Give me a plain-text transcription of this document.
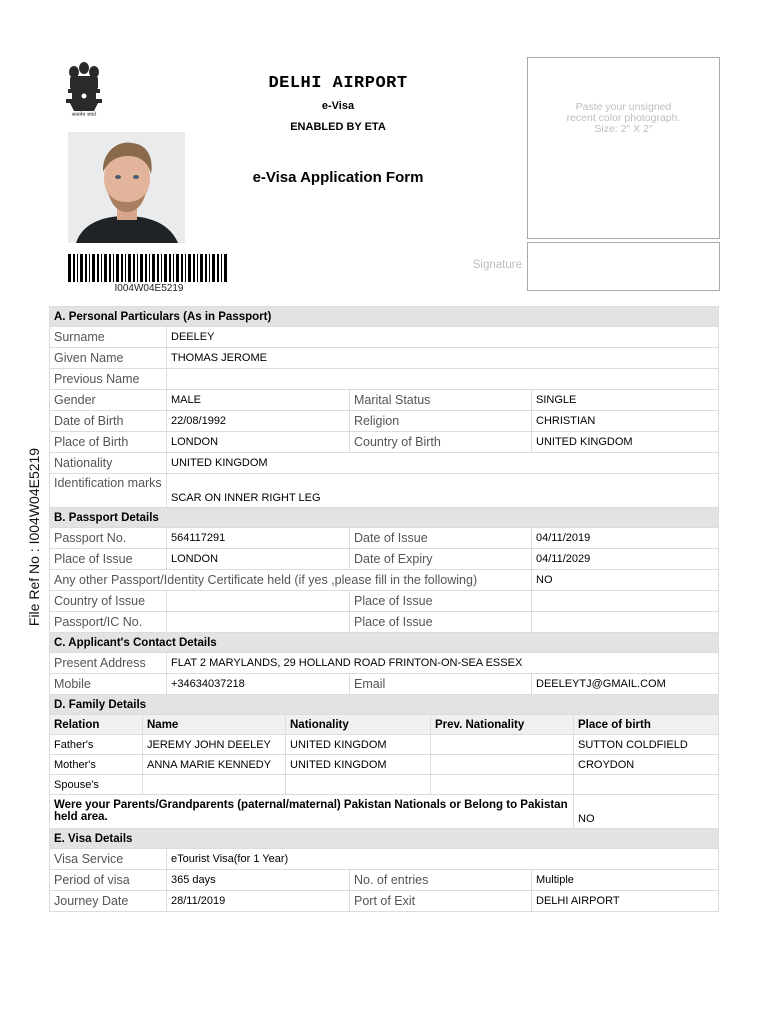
सत्यमेव जयते
DELHI AIRPORT
e-Visa
ENABLED BY ETA
e-Visa Application Form
I004W04E5219
Paste your unsigned
recent color photograph.
Size: 2" X 2"
Signature
File Ref No : I004W04E5219
A. Personal Particulars (As in Passport)							
Surname		DEELEY					
Given Name		THOMAS JEROME					
Previous Name							
Gender		MALE		Marital Status		SINGLE	
Date of Birth		22/08/1992		Religion		CHRISTIAN	
Place of Birth		LONDON		Country of Birth		UNITED KINGDOM	
Nationality		UNITED KINGDOM					
Identification marks		SCAR ON INNER RIGHT LEG					
B. Passport Details							
Passport No.		564117291		Date of Issue		04/11/2019	
Place of Issue		LONDON		Date of Expiry		04/11/2029	
Any other Passport/Identity Certificate held (if yes ,please fill in the following)						NO	
Country of Issue				Place of Issue			
Passport/IC No.				Place of Issue			
C. Applicant's Contact Details							
Present Address		FLAT 2 MARYLANDS, 29 HOLLAND ROAD FRINTON-ON-SEA ESSEX					
Mobile		+34634037218		Email		DEELEYTJ@GMAIL.COM	
D. Family Details							
Relation	Name		Nationality		Prev. Nationality		Place of birth
Father's	JEREMY JOHN DEELEY		UNITED KINGDOM				SUTTON COLDFIELD
Mother's	ANNA MARIE KENNEDY		UNITED KINGDOM				CROYDON
Spouse's							
Were your Parents/Grandparents (paternal/maternal) Pakistan Nationals or Belong to Pakistan held area.							NO
E. Visa Details							
Visa Service		eTourist Visa(for 1 Year)					
Period of visa		365 days		No. of entries		Multiple	
Journey Date		28/11/2019		Port of Exit		DELHI AIRPORT	
